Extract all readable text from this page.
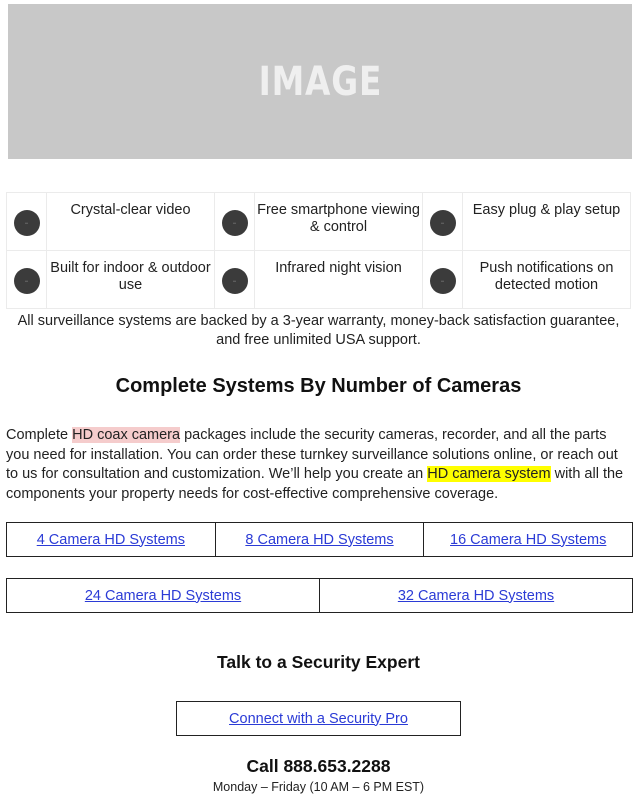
IMAGE
•••	Crystal-clear video	•••	Free smartphone viewing & control	•••	Easy plug & play setup

•••	Built for indoor & outdoor use	•••	Infrared night vision	•••	Push notifications on detected motion
All surveillance systems are backed by a 3-year warranty, money-back satisfaction guarantee, and free unlimited USA support.
Complete Systems By Number of Cameras
Complete HD coax camera packages include the security cameras, recorder, and all the parts you need for installation. You can order these turnkey surveillance solutions online, or reach out to us for consultation and customization. We’ll help you create an HD camera system with all the components your property needs for cost-effective comprehensive coverage.
4 Camera HD Systems	8 Camera HD Systems	16 Camera HD Systems
24 Camera HD Systems	32 Camera HD Systems
Talk to a Security Expert
Connect with a Security Pro
Call 888.653.2288
Monday – Friday (10 AM – 6 PM EST)
